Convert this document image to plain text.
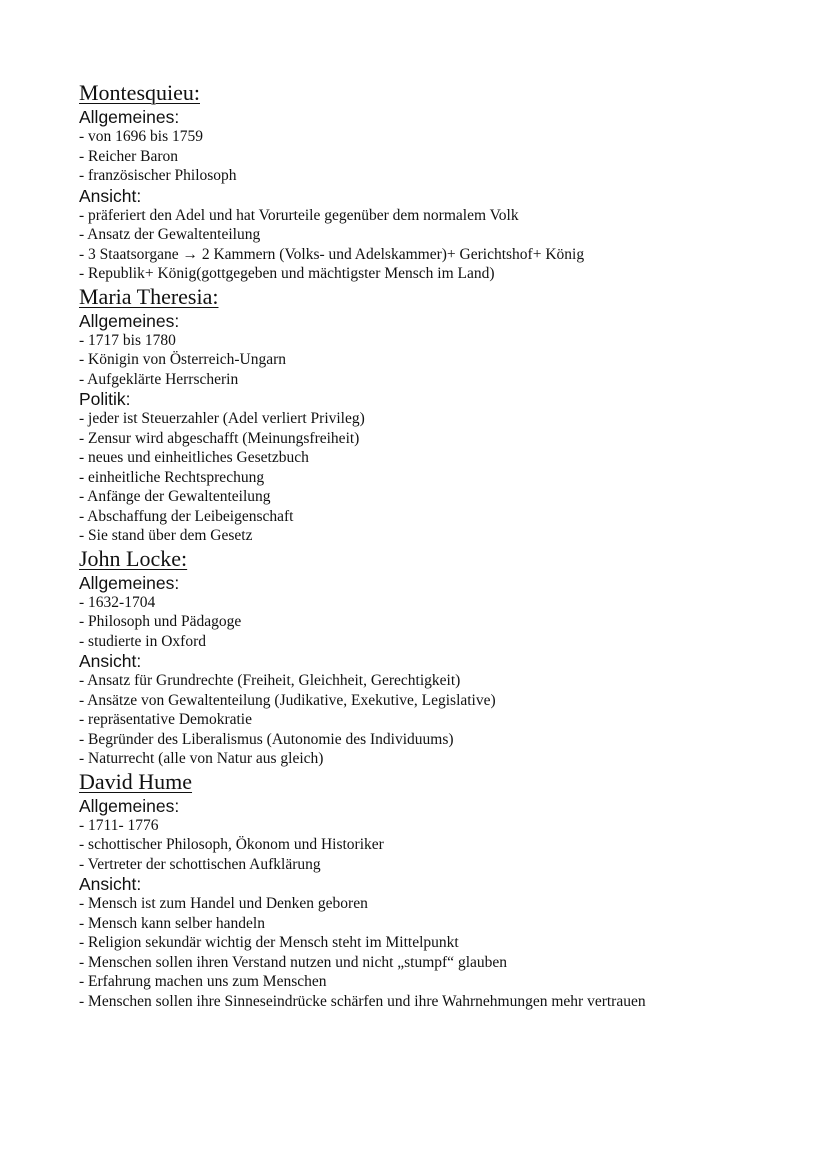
Montesquieu:
Allgemeines:
- von 1696 bis 1759
- Reicher Baron
- französischer Philosoph
Ansicht:
- präferiert den Adel und hat Vorurteile gegenüber dem normalem Volk
- Ansatz der Gewaltenteilung
- 3 Staatsorgane → 2 Kammern (Volks- und Adelskammer)+ Gerichtshof+ König
- Republik+ König(gottgegeben und mächtigster Mensch im Land)
Maria Theresia:
Allgemeines:
- 1717 bis 1780
- Königin von Österreich-Ungarn
- Aufgeklärte Herrscherin
Politik:
- jeder ist Steuerzahler (Adel verliert Privileg)
- Zensur wird abgeschafft (Meinungsfreiheit)
- neues und einheitliches Gesetzbuch
- einheitliche Rechtsprechung
- Anfänge der Gewaltenteilung
- Abschaffung der Leibeigenschaft
- Sie stand über dem Gesetz
John Locke:
Allgemeines:
- 1632-1704
- Philosoph und Pädagoge
- studierte in Oxford
Ansicht:
- Ansatz für Grundrechte (Freiheit, Gleichheit, Gerechtigkeit)
- Ansätze von Gewaltenteilung (Judikative, Exekutive, Legislative)
- repräsentative Demokratie
- Begründer des Liberalismus (Autonomie des Individuums)
- Naturrecht (alle von Natur aus gleich)
David Hume
Allgemeines:
- 1711- 1776
- schottischer Philosoph, Ökonom und Historiker
- Vertreter der schottischen Aufklärung
Ansicht:
- Mensch ist zum Handel und Denken geboren
- Mensch kann selber handeln
- Religion sekundär wichtig der Mensch steht im Mittelpunkt
- Menschen sollen ihren Verstand nutzen und nicht „stumpf“ glauben
- Erfahrung machen uns zum Menschen
- Menschen sollen ihre Sinneseindrücke schärfen und ihre Wahrnehmungen mehr vertrauen
